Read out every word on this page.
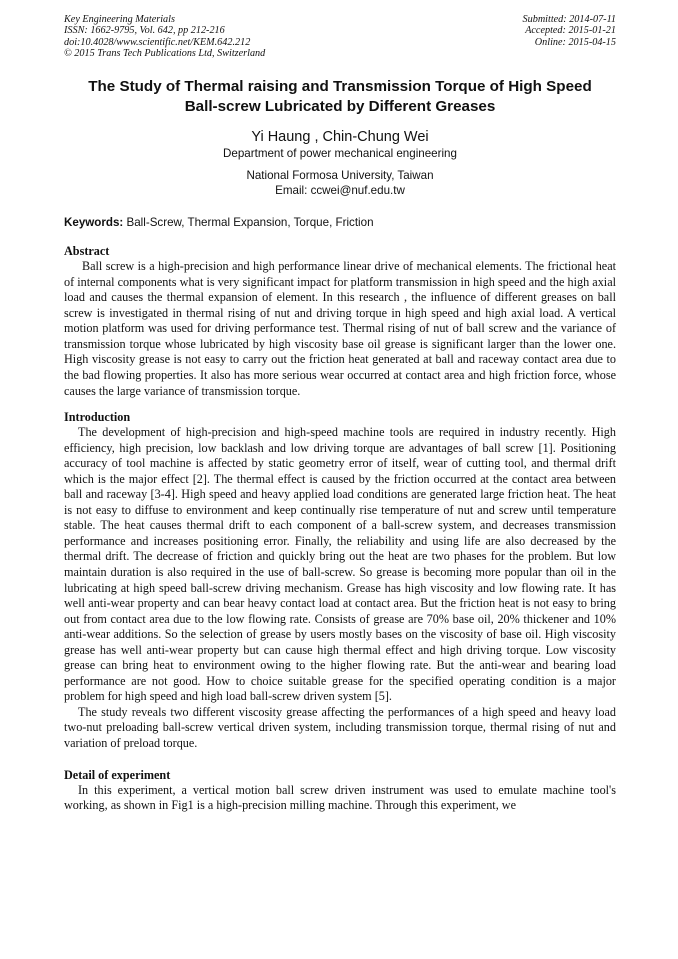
Key Engineering Materials
ISSN: 1662-9795, Vol. 642, pp 212-216
doi:10.4028/www.scientific.net/KEM.642.212
© 2015 Trans Tech Publications Ltd, Switzerland
Submitted: 2014-07-11
Accepted: 2015-01-21
Online: 2015-04-15
The Study of Thermal raising and Transmission Torque of High Speed
Ball-screw Lubricated by Different Greases
Yi Haung , Chin-Chung Wei
Department of power mechanical engineering
National Formosa University, Taiwan
Email: ccwei@nuf.edu.tw
Keywords: Ball-Screw, Thermal Expansion, Torque, Friction
Abstract
Ball screw is a high-precision and high performance linear drive of mechanical elements. The frictional heat of internal components what is very significant impact for platform transmission in high speed and the high axial load and causes the thermal expansion of element. In this research , the influence of different greases on ball screw is investigated in thermal rising of nut and driving torque in high speed and high axial load. A vertical motion platform was used for driving performance test. Thermal rising of nut of ball screw and the variance of transmission torque whose lubricated by high viscosity base oil grease is significant larger than the lower one. High viscosity grease is not easy to carry out the friction heat generated at ball and raceway contact area due to the bad flowing properties. It also has more serious wear occurred at contact area and high friction force, whose causes the large variance of transmission torque.
Introduction
The development of high-precision and high-speed machine tools are required in industry recently. High efficiency, high precision, low backlash and low driving torque are advantages of ball screw [1]. Positioning accuracy of tool machine is affected by static geometry error of itself, wear of cutting tool, and thermal drift which is the major effect [2]. The thermal effect is caused by the friction occurred at the contact area between ball and raceway [3-4]. High speed and heavy applied load conditions are generated large friction heat. The heat is not easy to diffuse to environment and keep continually rise temperature of nut and screw until temperature stable. The heat causes thermal drift to each component of a ball-screw system, and decreases transmission performance and increases positioning error. Finally, the reliability and using life are also decreased by the thermal drift. The decrease of friction and quickly bring out the heat are two phases for the problem. But low maintain duration is also required in the use of ball-screw. So grease is becoming more popular than oil in the lubricating at high speed ball-screw driving mechanism. Grease has high viscosity and low flowing rate. It has well anti-wear property and can bear heavy contact load at contact area. But the friction heat is not easy to bring out from contact area due to the low flowing rate. Consists of grease are 70% base oil, 20% thickener and 10% anti-wear additions. So the selection of grease by users mostly bases on the viscosity of base oil. High viscosity grease has well anti-wear property but can cause high thermal effect and high driving torque. Low viscosity grease can bring heat to environment owing to the higher flowing rate. But the anti-wear and bearing load performance are not good. How to choice suitable grease for the specified operating condition is a major problem for high speed and high load ball-screw driven system [5].
The study reveals two different viscosity grease affecting the performances of a high speed and heavy load two-nut preloading ball-screw vertical driven system, including transmission torque, thermal rising of nut and variation of preload torque.
Detail of experiment
In this experiment, a vertical motion ball screw driven instrument was used to emulate machine tool's working, as shown in Fig1 is a high-precision milling machine. Through this experiment, we
